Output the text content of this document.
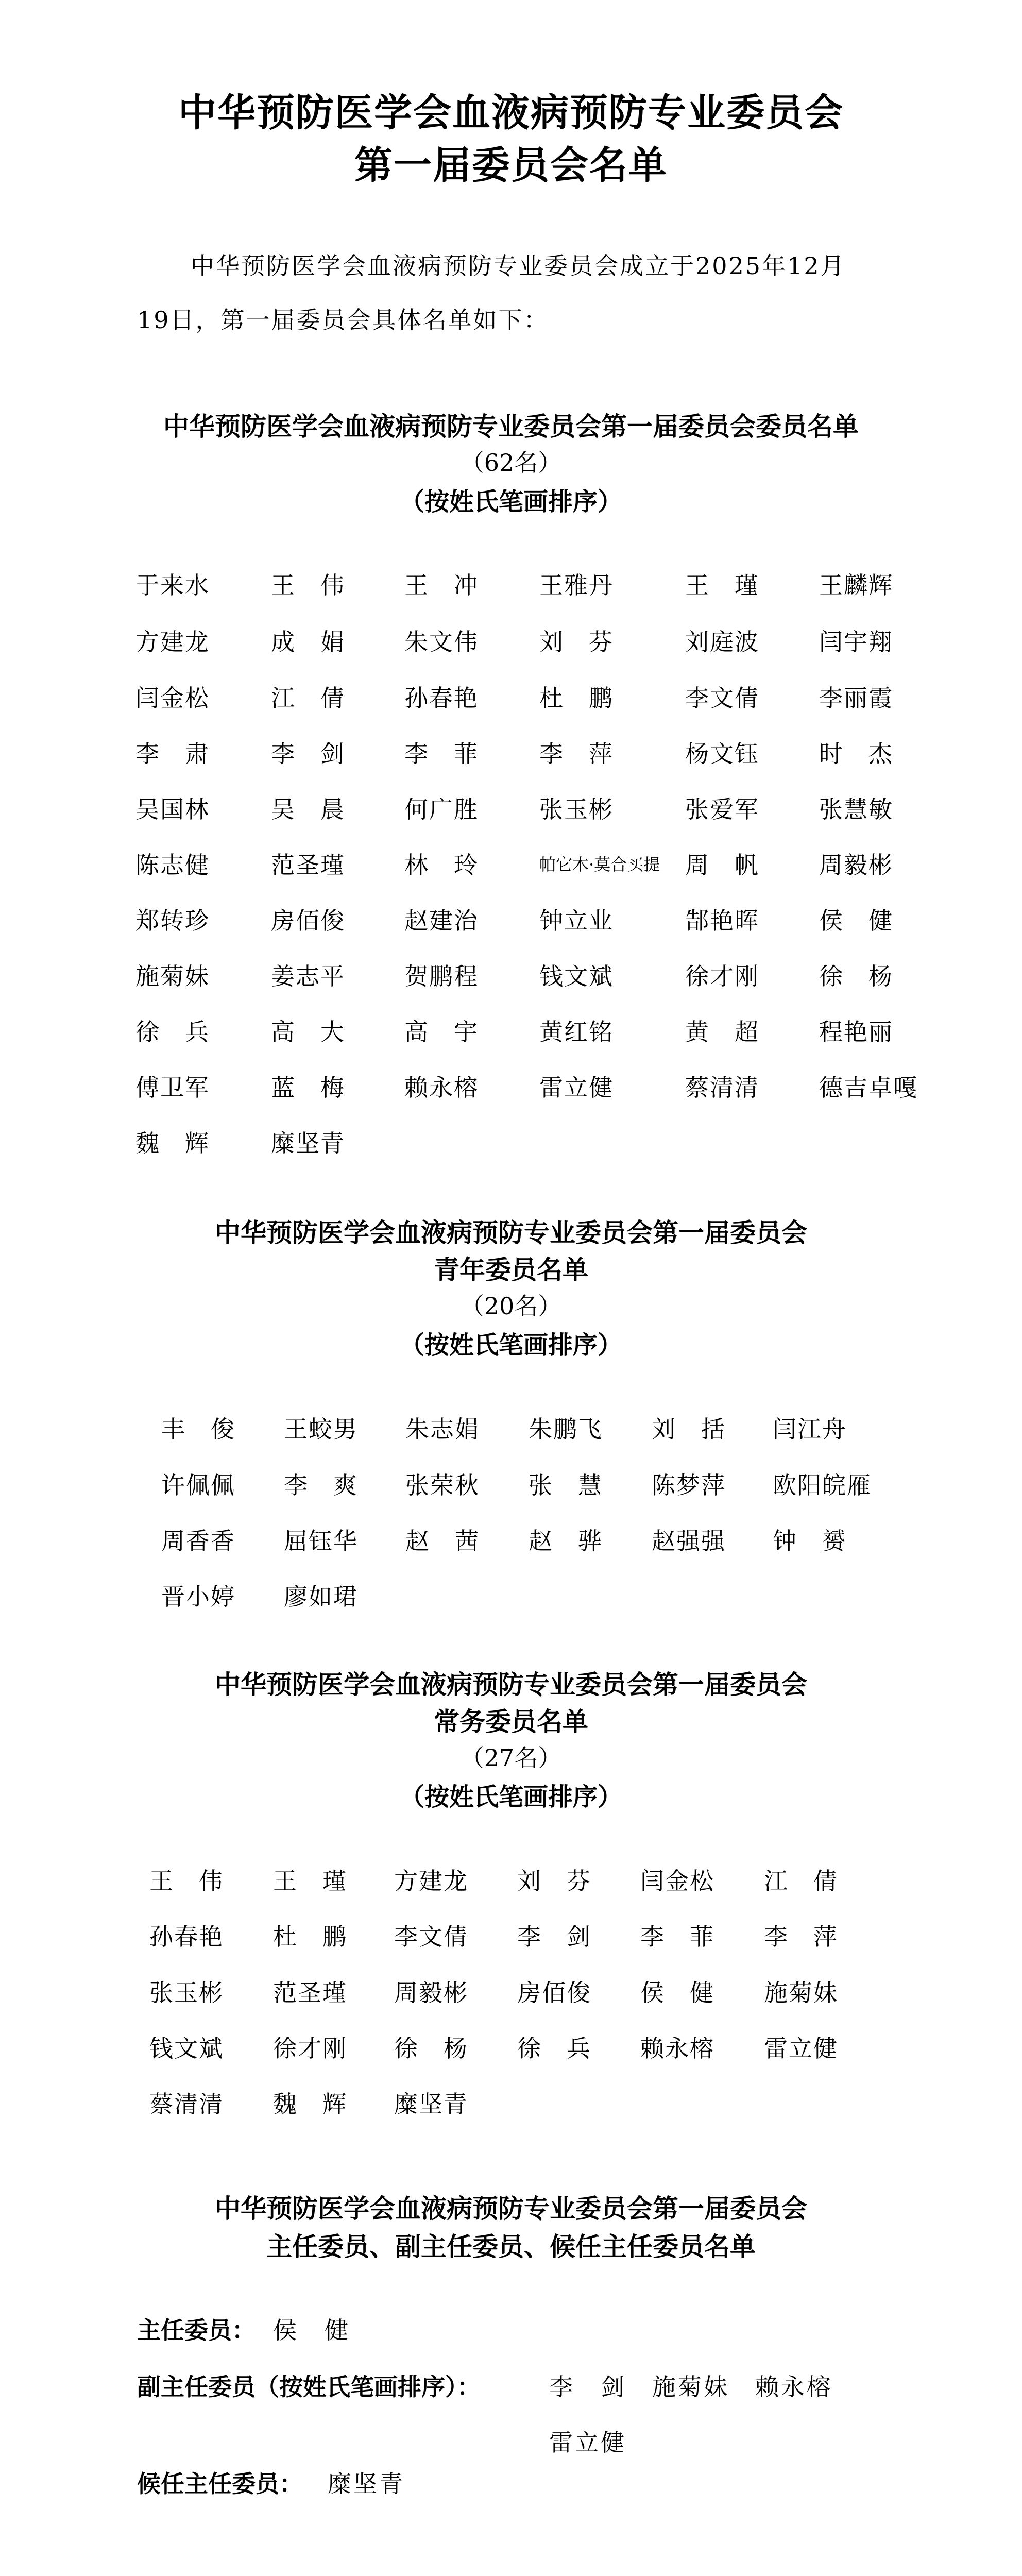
中华预防医学会血液病预防专业委员会
第一届委员会名单
中华预防医学会血液病预防专业委员会成立于2025年12月
19日，第一届委员会具体名单如下：
中华预防医学会血液病预防专业委员会第一届委员会委员名单
（62名）
（按姓氏笔画排序）
于来水	王　伟	王　冲	王雅丹	王　瑾	王麟辉
方建龙	成　娟	朱文伟	刘　芬	刘庭波	闫宇翔
闫金松	江　倩	孙春艳	杜　鹏	李文倩	李丽霞
李　肃	李　剑	李　菲	李　萍	杨文钰	时　杰
吴国林	吴　晨	何广胜	张玉彬	张爱军	张慧敏
陈志健	范圣瑾	林　玲	帕它木·莫合买提 周　帆	周毅彬
郑转珍	房佰俊	赵建治	钟立业	郜艳晖	侯　健
施菊妹	姜志平	贺鹏程	钱文斌	徐才刚	徐　杨
徐　兵	高　大	高　宇	黄红铭	黄　超	程艳丽
傅卫军	蓝　梅	赖永榕	雷立健	蔡清清	德吉卓嘎
魏　辉	糜坚青
中华预防医学会血液病预防专业委员会第一届委员会
青年委员名单
（20名）
（按姓氏笔画排序）
丰　俊 王蛟男 朱志娟 朱鹏飞 刘　括 闫江舟
许佩佩 李　爽 张荣秋 张　慧 陈梦萍 欧阳皖雁
周香香 屈钰华 赵　茜 赵　骅 赵强强 钟　赟
晋小婷 廖如珺
中华预防医学会血液病预防专业委员会第一届委员会
常务委员名单
（27名）
（按姓氏笔画排序）
王　伟 王　瑾 方建龙 刘　芬 闫金松 江　倩
孙春艳 杜　鹏 李文倩 李　剑 李　菲 李　萍
张玉彬 范圣瑾 周毅彬 房佰俊 侯　健 施菊妹
钱文斌 徐才刚 徐　杨 徐　兵 赖永榕 雷立健
蔡清清 魏　辉 糜坚青
中华预防医学会血液病预防专业委员会第一届委员会
主任委员、副主任委员、候任主任委员名单
主任委员： 侯　健
副主任委员（按姓氏笔画排序）：	李　剑　施菊妹　赖永榕
雷立健
候任主任委员： 糜坚青
